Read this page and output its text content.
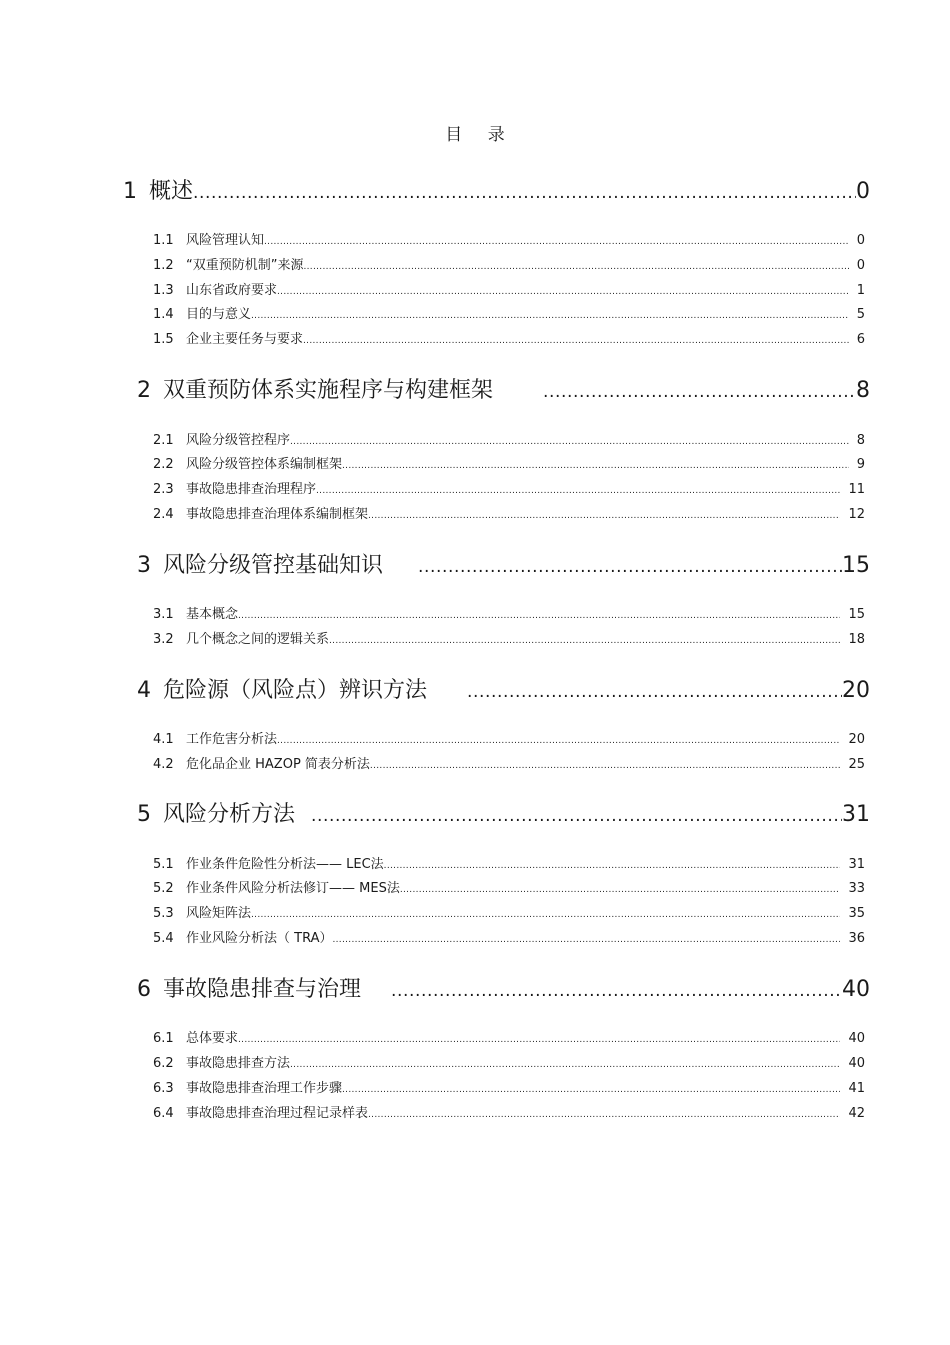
目 录
1 概述 .....	0
1.1 风险管理认知 .....	0
1.2 “双重预防机制”来源 .....	0
1.3 山东省政府要求 .....	1
1.4 目的与意义 .....	5
1.5 企业主要任务与要求 .....	6
2 双重预防体系实施程序与构建框架 .....	8
2.1 风险分级管控程序 .....	8
2.2 风险分级管控体系编制框架 .....	9
2.3 事故隐患排查治理程序 .....	11
2.4 事故隐患排查治理体系编制框架 .....	12
3 风险分级管控基础知识 .....	15
3.1 基本概念 .....	15
3.2 几个概念之间的逻辑关系 .....	18
4 危险源（风险点）辨识方法 .....	20
4.1 工作危害分析法 .....	20
4.2 危化品企业 HAZOP 简表分析法 .....	25
5 风险分析方法 .....	31
5.1 作业条件危险性分析法—— LEC法 .....	31
5.2 作业条件风险分析法修订—— MES法 .....	33
5.3 风险矩阵法 .....	35
5.4 作业风险分析法（ TRA） .....	36
6 事故隐患排查与治理 .....	40
6.1 总体要求 .....	40
6.2 事故隐患排查方法 .....	40
6.3 事故隐患排查治理工作步骤 .....	41
6.4 事故隐患排查治理过程记录样表 .....	42
